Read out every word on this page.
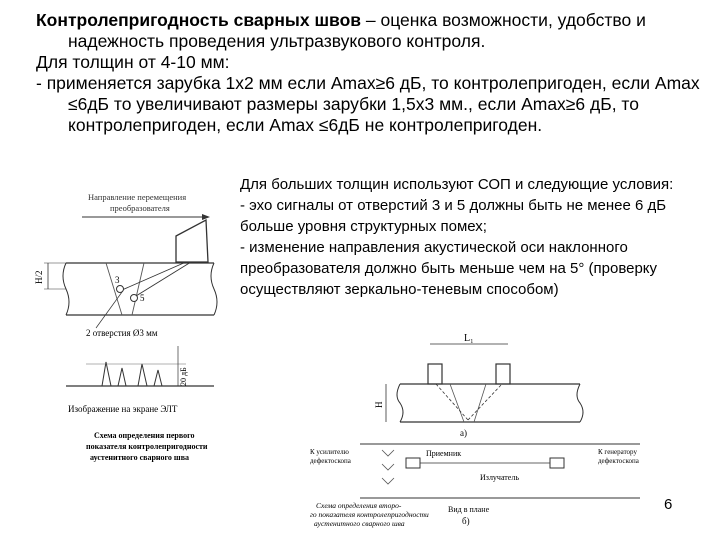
Контролепригодность сварных швов – оценка возможности, удобство и надежность проведения ультразвукового контроля.

Для толщин от 4-10 мм:

- применяется зарубка 1х2 мм если Amax≥6 дБ, то контролепригоден, если Amax ≤6дБ то увеличивают размеры зарубки 1,5х3 мм., если Amax≥6 дБ, то контролепригоден, если Amax ≤6дБ не контролепригоден.

Для больших толщин используют СОП и следующие условия:

- эхо сигналы от отверстий 3 и 5 должны быть не менее 6 дБ больше уровня структурных помех;

- изменение направления акустической оси наклонного преобразователя должно быть меньше чем на 5° (проверку осуществляют зеркально-теневым способом)

Направление перемещения
преобразователя
3
5
H/2
2 отверстия Ø3 мм
20 дБ
Изображение на экране ЭЛТ
Схема определения первого
показателя контролепригодности
аустенитного сварного шва
L₁
H
а)
К усилителю
дефектоскопа
К генератору
дефектоскопа
Приемник
Излучатель
Схема определения второ-
го показателя контролепригодности
аустенитного сварного шва
Вид в плане
б)
6
